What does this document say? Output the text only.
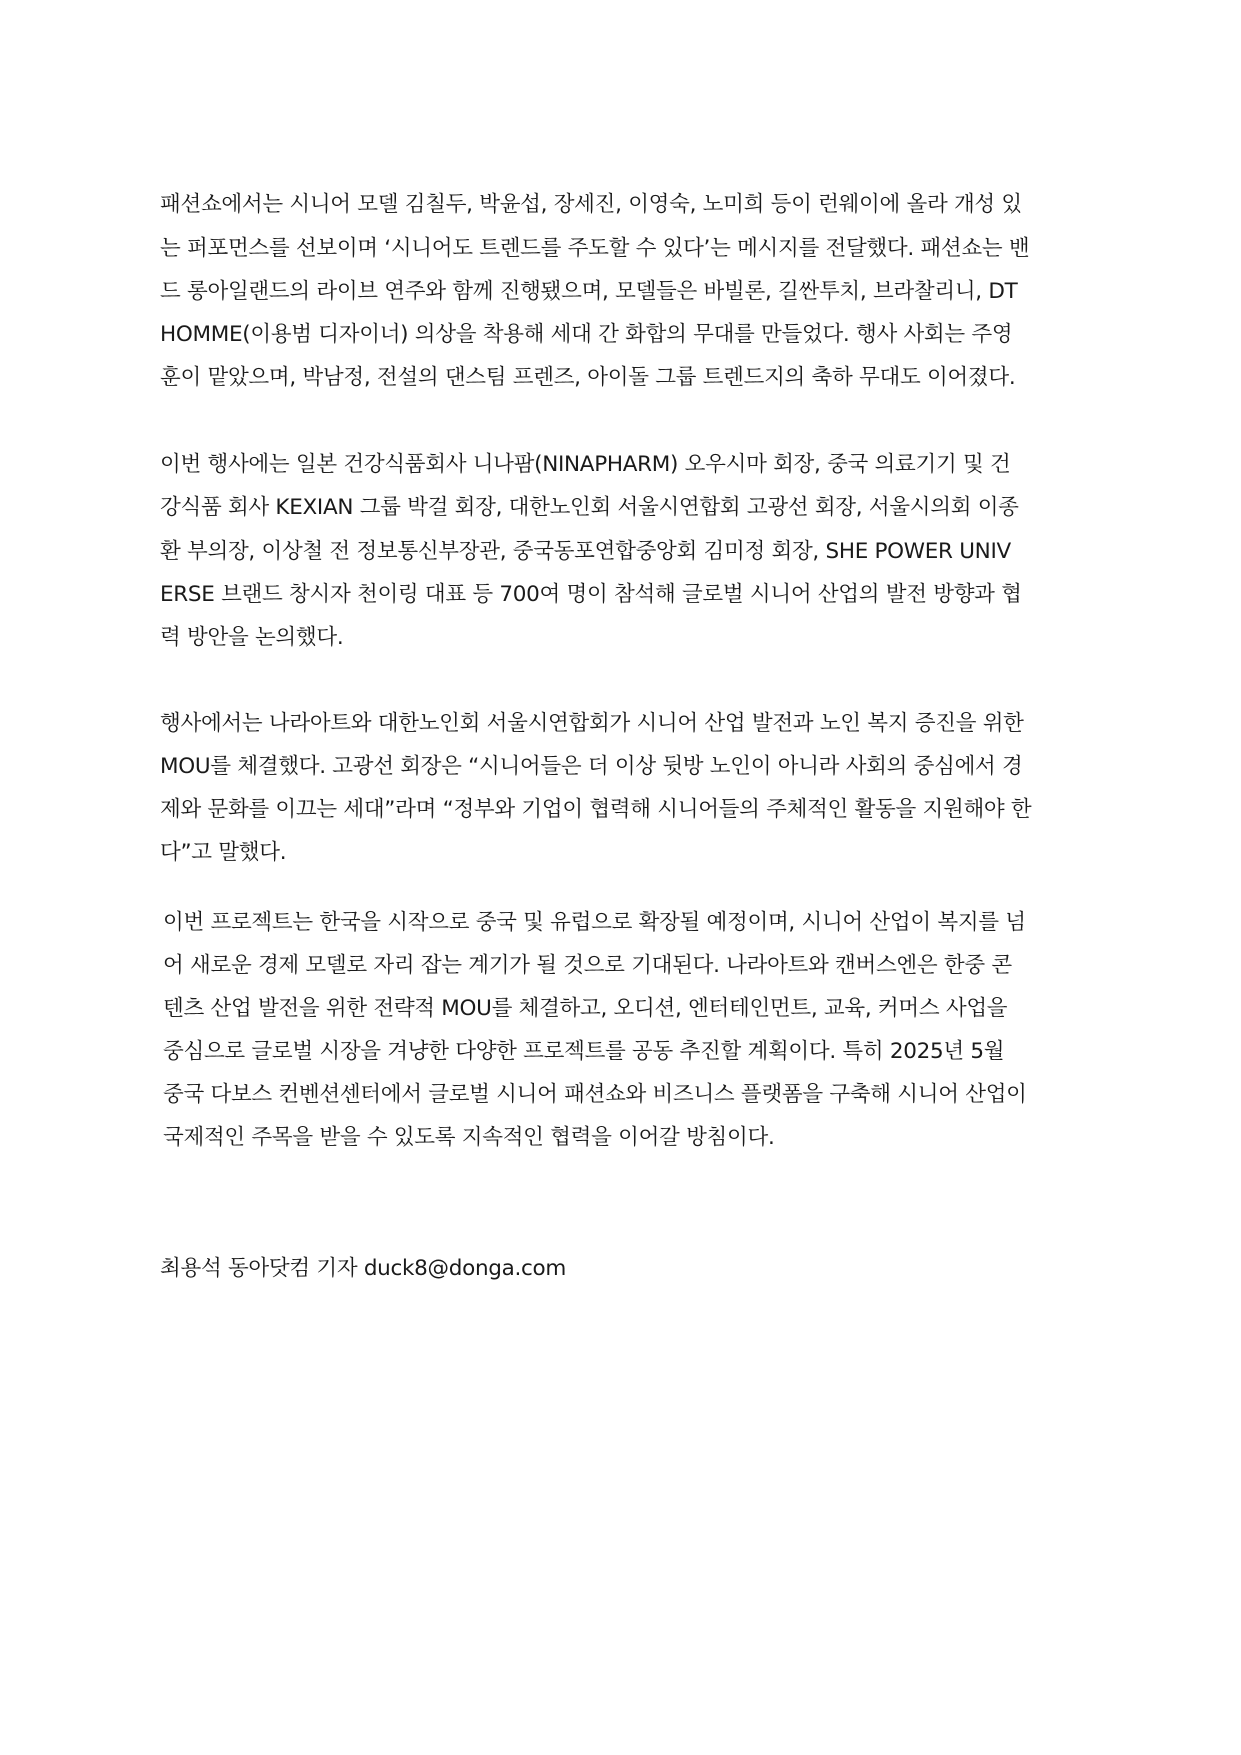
패션쇼에서는 시니어 모델 김칠두, 박윤섭, 장세진, 이영숙, 노미희 등이 런웨이에 올라 개성 있
는 퍼포먼스를 선보이며 ‘시니어도 트렌드를 주도할 수 있다’는 메시지를 전달했다. 패션쇼는 밴
드 롱아일랜드의 라이브 연주와 함께 진행됐으며, 모델들은 바빌론, 길싼투치, 브라찰리니, DT
HOMME(이용범 디자이너) 의상을 착용해 세대 간 화합의 무대를 만들었다. 행사 사회는 주영
훈이 맡았으며, 박남정, 전설의 댄스팀 프렌즈, 아이돌 그룹 트렌드지의 축하 무대도 이어졌다.
이번 행사에는 일본 건강식품회사 니나팜(NINAPHARM) 오우시마 회장, 중국 의료기기 및 건
강식품 회사 KEXIAN 그룹 박걸 회장, 대한노인회 서울시연합회 고광선 회장, 서울시의회 이종
환 부의장, 이상철 전 정보통신부장관, 중국동포연합중앙회 김미정 회장, SHE POWER UNIV
ERSE 브랜드 창시자 천이링 대표 등 700여 명이 참석해 글로벌 시니어 산업의 발전 방향과 협
력 방안을 논의했다.
행사에서는 나라아트와 대한노인회 서울시연합회가 시니어 산업 발전과 노인 복지 증진을 위한
MOU를 체결했다. 고광선 회장은 “시니어들은 더 이상 뒷방 노인이 아니라 사회의 중심에서 경
제와 문화를 이끄는 세대”라며 “정부와 기업이 협력해 시니어들의 주체적인 활동을 지원해야 한
다”고 말했다.
이번 프로젝트는 한국을 시작으로 중국 및 유럽으로 확장될 예정이며, 시니어 산업이 복지를 넘
어 새로운 경제 모델로 자리 잡는 계기가 될 것으로 기대된다. 나라아트와 캔버스엔은 한중 콘
텐츠 산업 발전을 위한 전략적 MOU를 체결하고, 오디션, 엔터테인먼트, 교육, 커머스 사업을
중심으로 글로벌 시장을 겨냥한 다양한 프로젝트를 공동 추진할 계획이다. 특히 2025년 5월
중국 다보스 컨벤션센터에서 글로벌 시니어 패션쇼와 비즈니스 플랫폼을 구축해 시니어 산업이
국제적인 주목을 받을 수 있도록 지속적인 협력을 이어갈 방침이다.
최용석 동아닷컴 기자 duck8@donga.com
